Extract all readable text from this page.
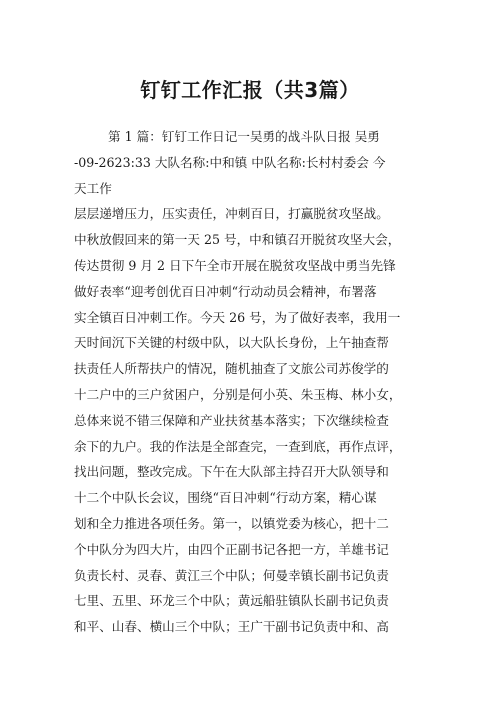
钉钉工作汇报（共3篇）
第 1 篇：钉钉工作日记一吴勇的战斗队日报 吴勇
-09-2623:33 大队名称:中和镇 中队名称:长村村委会 今
天工作
层层递增压力，压实责任，冲刺百日，打赢脱贫攻坚战。
中秋放假回来的第一天 25 号，中和镇召开脱贫攻坚大会，
传达贯彻 9 月 2 日下午全市开展在脱贫攻坚战中勇当先锋
做好表率“迎考创优百日冲刺“行动动员会精神，布署落
实全镇百日冲刺工作。今天 26 号，为了做好表率，我用一
天时间沉下关键的村级中队，以大队长身份，上午抽查帮
扶责任人所帮扶户的情况，随机抽查了文旅公司苏俊学的
十二户中的三户贫困户，分别是何小英、朱玉梅、林小女，
总体来说不错三保障和产业扶贫基本落实；下次继续检查
余下的九户。我的作法是全部查完，一查到底，再作点评，
找出问题，整改完成。下午在大队部主持召开大队领导和
十二个中队长会议，围绕“百日冲刺“行动方案，精心谋
划和全力推进各项任务。第一，以镇党委为核心，把十二
个中队分为四大片，由四个正副书记各把一方，羊雄书记
负责长村、灵春、黄江三个中队；何曼幸镇长副书记负责
七里、五里、环龙三个中队；黄远船驻镇队长副书记负责
和平、山春、横山三个中队；王广干副书记负责中和、高
